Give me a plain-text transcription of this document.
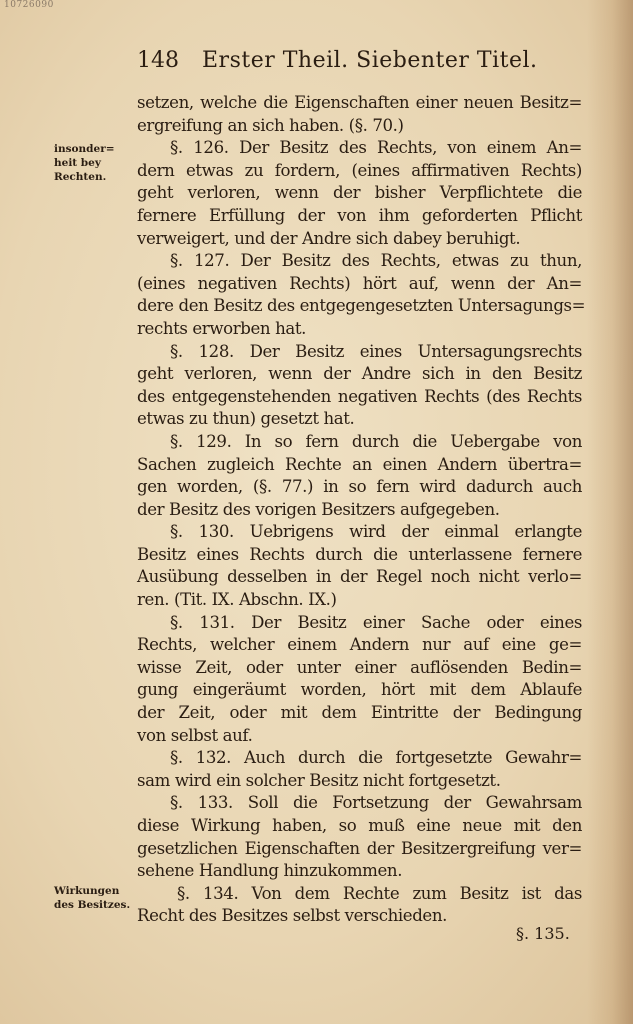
10726090
148 Erster Theil. Siebenter Titel.
insonder=
heit bey
Rechten.
Wirkungen
des Besitzes.
setzen, welche die Eigenschaften einer neuen Besitz=
ergreifung an sich haben. (§. 70.)
§. 126. Der Besitz des Rechts, von einem An=
dern etwas zu fordern, (eines affirmativen Rechts)
geht verloren, wenn der bisher Verpflichtete die
fernere Erfüllung der von ihm geforderten Pflicht
verweigert, und der Andre sich dabey beruhigt.
§. 127. Der Besitz des Rechts, etwas zu thun,
(eines negativen Rechts) hört auf, wenn der An=
dere den Besitz des entgegengesetzten Untersagungs=
rechts erworben hat.
§. 128. Der Besitz eines Untersagungsrechts
geht verloren, wenn der Andre sich in den Besitz
des entgegenstehenden negativen Rechts (des Rechts
etwas zu thun) gesetzt hat.
§. 129. In so fern durch die Uebergabe von
Sachen zugleich Rechte an einen Andern übertra=
gen worden, (§. 77.) in so fern wird dadurch auch
der Besitz des vorigen Besitzers aufgegeben.
§. 130. Uebrigens wird der einmal erlangte
Besitz eines Rechts durch die unterlassene fernere
Ausübung desselben in der Regel noch nicht verlo=
ren. (Tit. IX. Abschn. IX.)
§. 131. Der Besitz einer Sache oder eines
Rechts, welcher einem Andern nur auf eine ge=
wisse Zeit, oder unter einer auflösenden Bedin=
gung eingeräumt worden, hört mit dem Ablaufe
der Zeit, oder mit dem Eintritte der Bedingung
von selbst auf.
§. 132. Auch durch die fortgesetzte Gewahr=
sam wird ein solcher Besitz nicht fortgesetzt.
§. 133. Soll die Fortsetzung der Gewahrsam
diese Wirkung haben, so muß eine neue mit den
gesetzlichen Eigenschaften der Besitzergreifung ver=
sehene Handlung hinzukommen.
§. 134. Von dem Rechte zum Besitz ist das
Recht des Besitzes selbst verschieden.
§. 135.
